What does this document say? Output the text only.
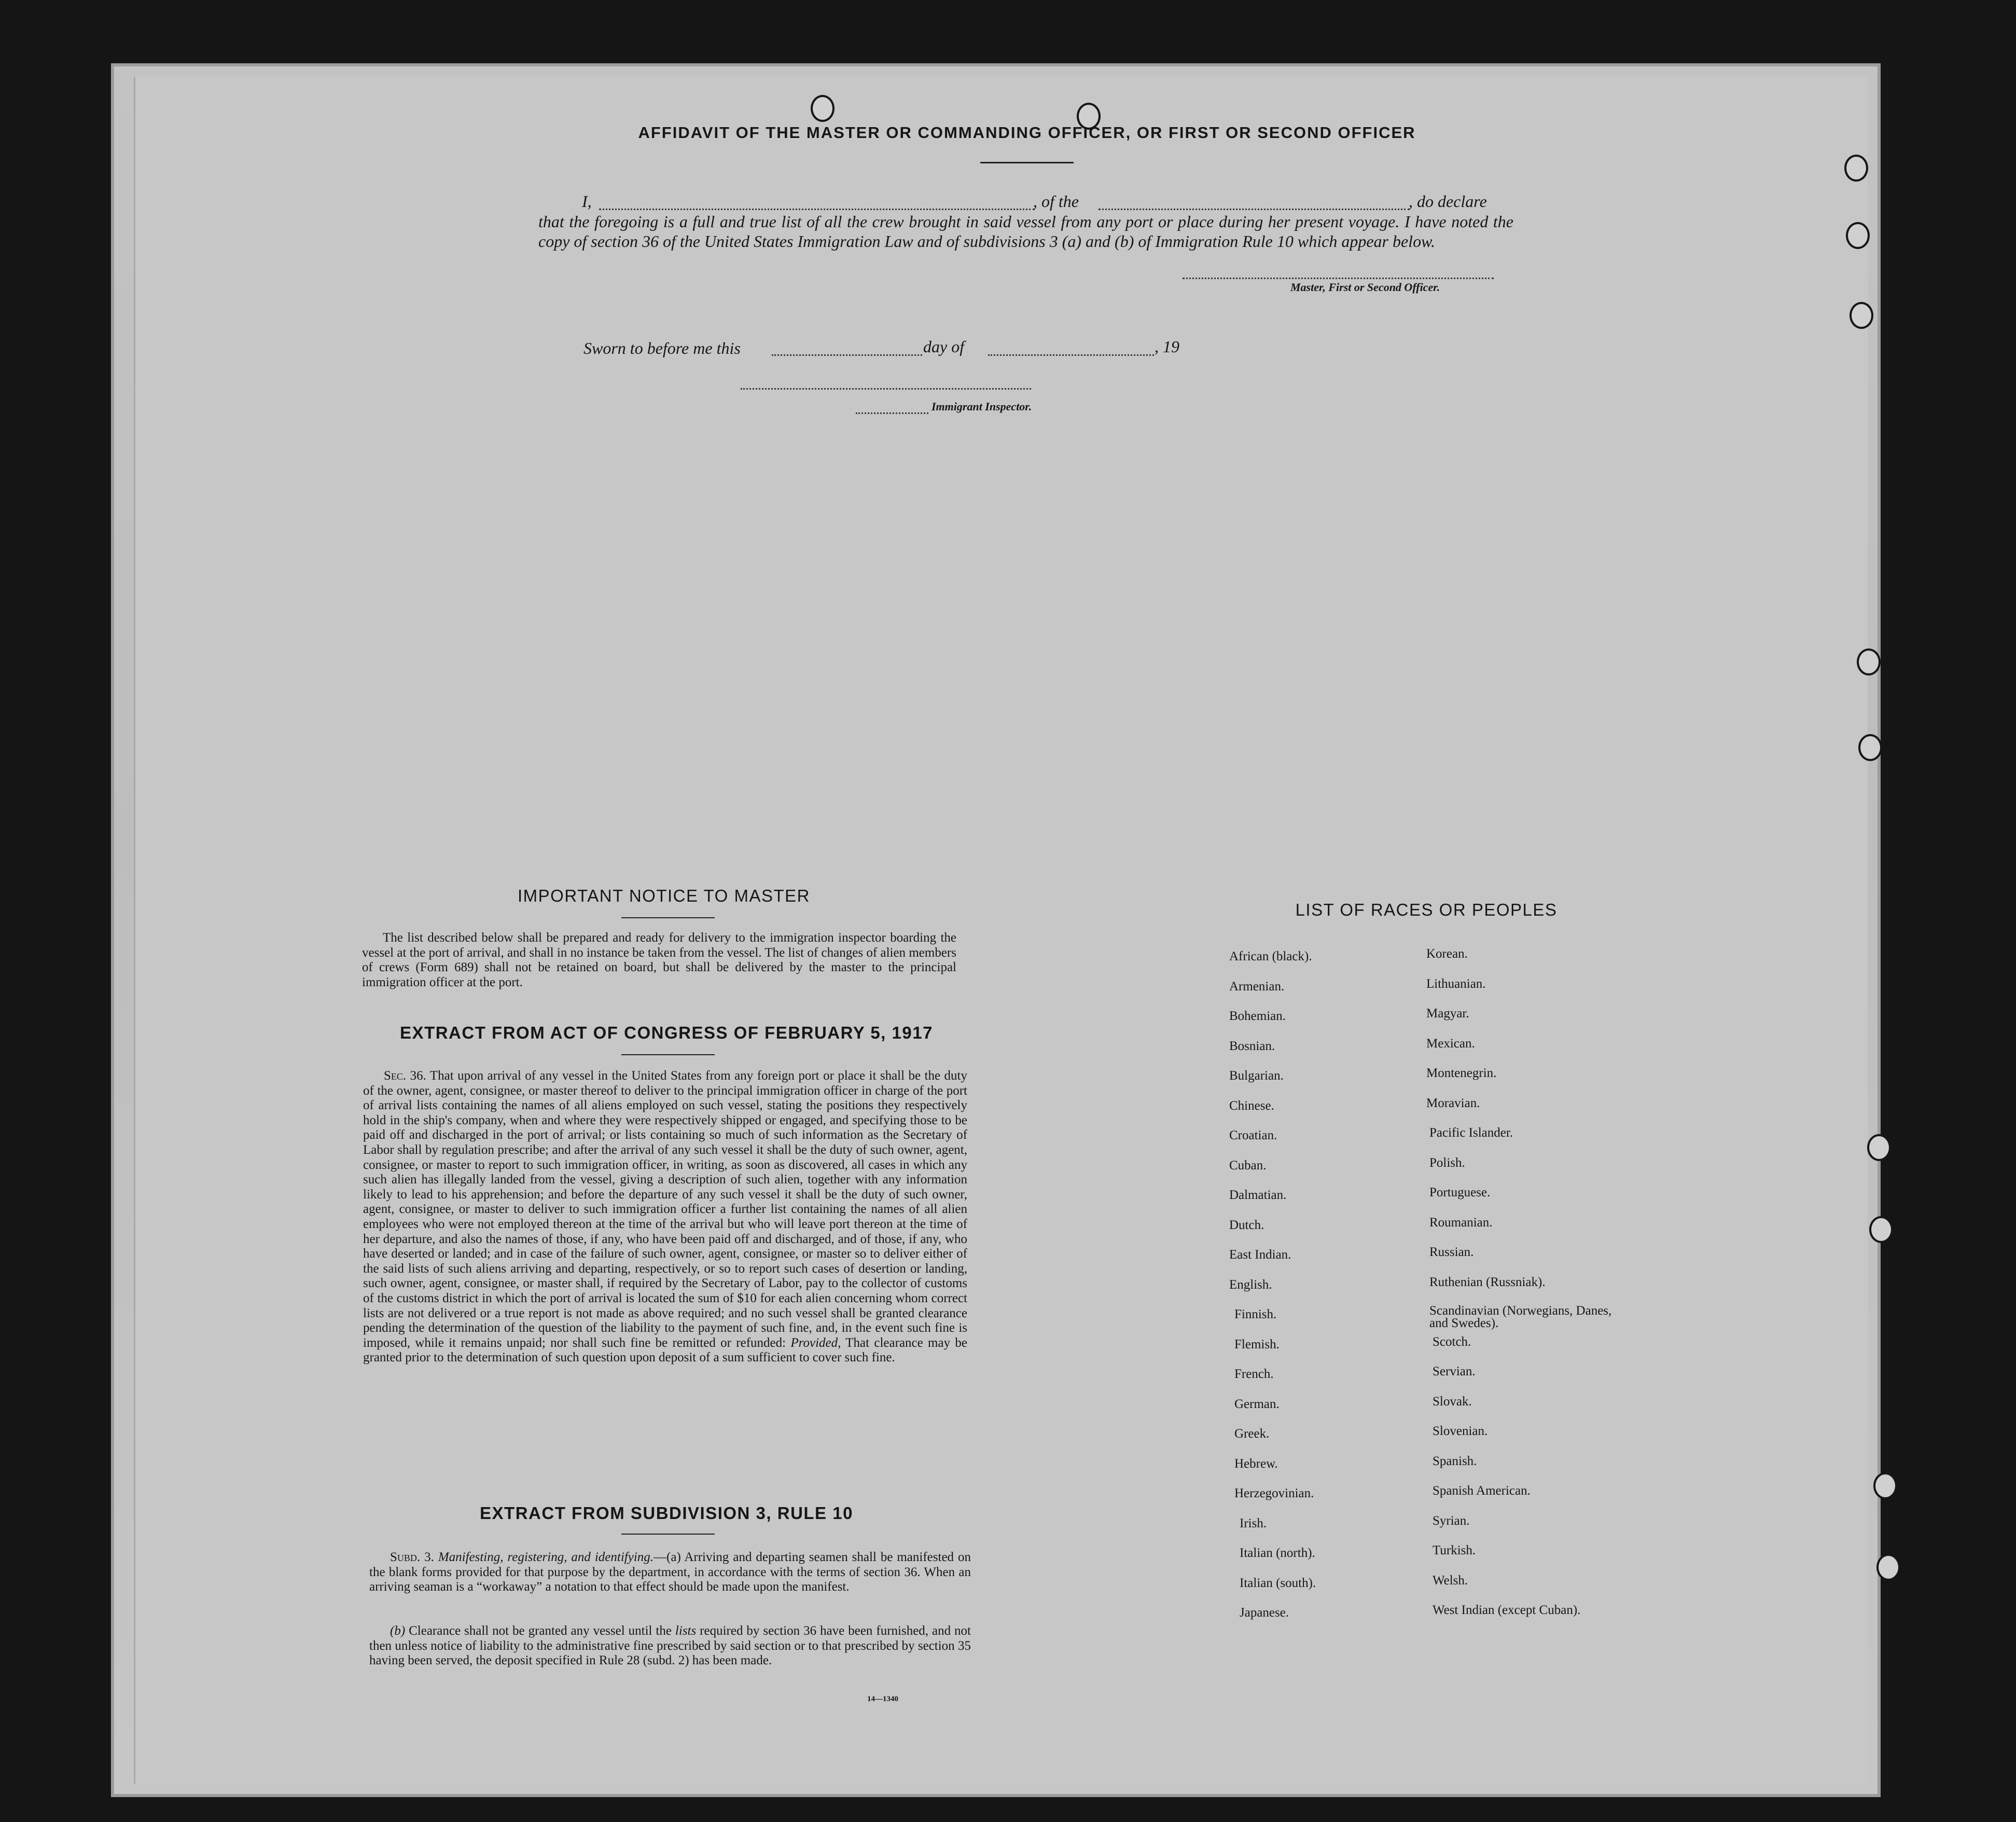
AFFIDAVIT OF THE MASTER OR COMMANDING OFFICER, OR FIRST OR SECOND OFFICER
I,	, of the	, do declare
that the foregoing is a full and true list of all the crew brought in said vessel from any port or place during her present voyage. I have noted the copy of section 36 of the United States Immigration Law and of subdivisions 3 (a) and (b) of Immigration Rule 10 which appear below.
Master, First or Second Officer.
Sworn to before me this	day of	, 19
Immigrant Inspector.
IMPORTANT NOTICE TO MASTER
The list described below shall be prepared and ready for delivery to the immigration inspector boarding the vessel at the port of arrival, and shall in no instance be taken from the vessel. The list of changes of alien members of crews (Form 689) shall not be retained on board, but shall be delivered by the master to the principal immigration officer at the port.
EXTRACT FROM ACT OF CONGRESS OF FEBRUARY 5, 1917
Sec. 36. That upon arrival of any vessel in the United States from any foreign port or place it shall be the duty of the owner, agent, consignee, or master thereof to deliver to the principal immigration officer in charge of the port of arrival lists containing the names of all aliens employed on such vessel, stating the positions they respectively hold in the ship's company, when and where they were respectively shipped or engaged, and specifying those to be paid off and discharged in the port of arrival; or lists containing so much of such information as the Secretary of Labor shall by regulation prescribe; and after the arrival of any such vessel it shall be the duty of such owner, agent, consignee, or master to report to such immigration officer, in writing, as soon as discovered, all cases in which any such alien has illegally landed from the vessel, giving a description of such alien, together with any information likely to lead to his apprehension; and before the departure of any such vessel it shall be the duty of such owner, agent, consignee, or master to deliver to such immigration officer a further list containing the names of all alien employees who were not employed thereon at the time of the arrival but who will leave port thereon at the time of her departure, and also the names of those, if any, who have been paid off and discharged, and of those, if any, who have deserted or landed; and in case of the failure of such owner, agent, consignee, or master so to deliver either of the said lists of such aliens arriving and departing, respectively, or so to report such cases of desertion or landing, such owner, agent, consignee, or master shall, if required by the Secretary of Labor, pay to the collector of customs of the customs district in which the port of arrival is located the sum of $10 for each alien concerning whom correct lists are not delivered or a true report is not made as above required; and no such vessel shall be granted clearance pending the determination of the question of the liability to the payment of such fine, and, in the event such fine is imposed, while it remains unpaid; nor shall such fine be remitted or refunded: Provided, That clearance may be granted prior to the determination of such question upon deposit of a sum sufficient to cover such fine.
EXTRACT FROM SUBDIVISION 3, RULE 10
Subd. 3. Manifesting, registering, and identifying.—(a) Arriving and departing seamen shall be manifested on the blank forms provided for that purpose by the department, in accordance with the terms of section 36. When an arriving seaman is a “workaway” a notation to that effect should be made upon the manifest.
(b) Clearance shall not be granted any vessel until the lists required by section 36 have been furnished, and not then unless notice of liability to the administrative fine prescribed by said section or to that prescribed by section 35 having been served, the deposit specified in Rule 28 (subd. 2) has been made.
14—1340
LIST OF RACES OR PEOPLES
African (black).
Armenian.
Bohemian.
Bosnian.
Bulgarian.
Chinese.
Croatian.
Cuban.
Dalmatian.
Dutch.
East Indian.
English.
Finnish.
Flemish.
French.
German.
Greek.
Hebrew.
Herzegovinian.
Irish.
Italian (north).
Italian (south).
Japanese.
Korean.
Lithuanian.
Magyar.
Mexican.
Montenegrin.
Moravian.
Pacific Islander.
Polish.
Portuguese.
Roumanian.
Russian.
Ruthenian (Russniak).
Scandinavian (Norwegians, Danes, and Swedes).
Scotch.
Servian.
Slovak.
Slovenian.
Spanish.
Spanish American.
Syrian.
Turkish.
Welsh.
West Indian (except Cuban).
